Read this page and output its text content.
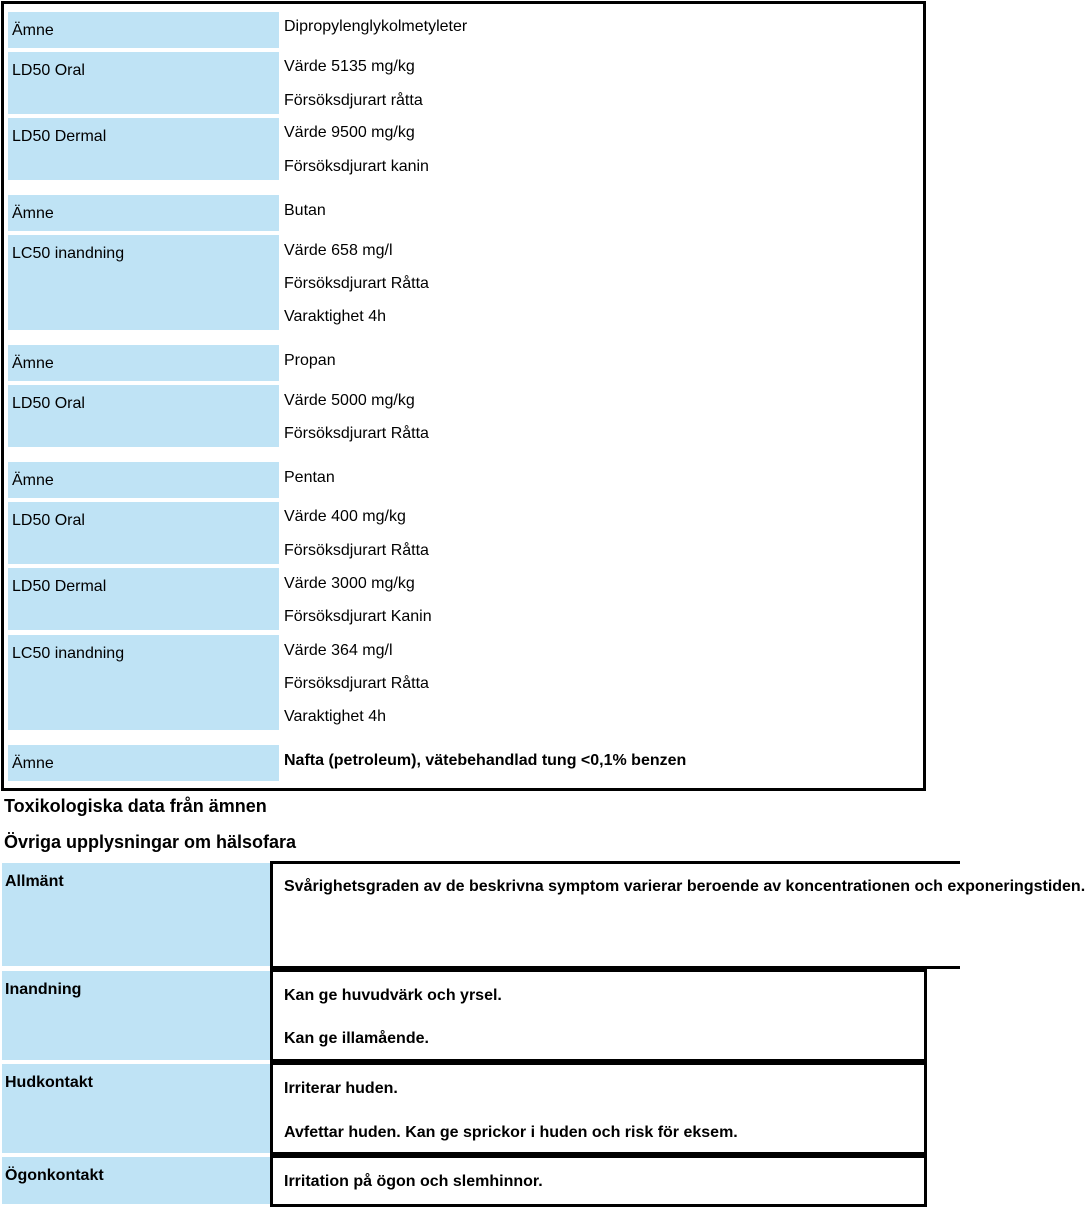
Ämne	Dipropylenglykolmetyleter
LD50 Oral	Värde 5135 mg/kg
Försöksdjurart råtta
LD50 Dermal	Värde 9500 mg/kg
Försöksdjurart kanin
Ämne	Butan
LC50 inandning	Värde 658 mg/l
Försöksdjurart Råtta
Varaktighet 4h
Ämne	Propan
LD50 Oral	Värde 5000 mg/kg
Försöksdjurart Råtta
Ämne	Pentan
LD50 Oral	Värde 400 mg/kg
Försöksdjurart Råtta
LD50 Dermal	Värde 3000 mg/kg
Försöksdjurart Kanin
LC50 inandning	Värde 364 mg/l
Försöksdjurart Råtta
Varaktighet 4h
Ämne	Nafta (petroleum), vätebehandlad tung <0,1% benzen
Toxikologiska data från ämnen
Övriga upplysningar om hälsofara
Allmänt	Svårighetsgraden av de beskrivna symptom varierar beroende av koncentrationen och exponeringstiden.
Inandning	Kan ge huvudvärk och yrsel.
Kan ge illamående.
Hudkontakt	Irriterar huden.
Avfettar huden. Kan ge sprickor i huden och risk för eksem.
Ögonkontakt	Irritation på ögon och slemhinnor.
